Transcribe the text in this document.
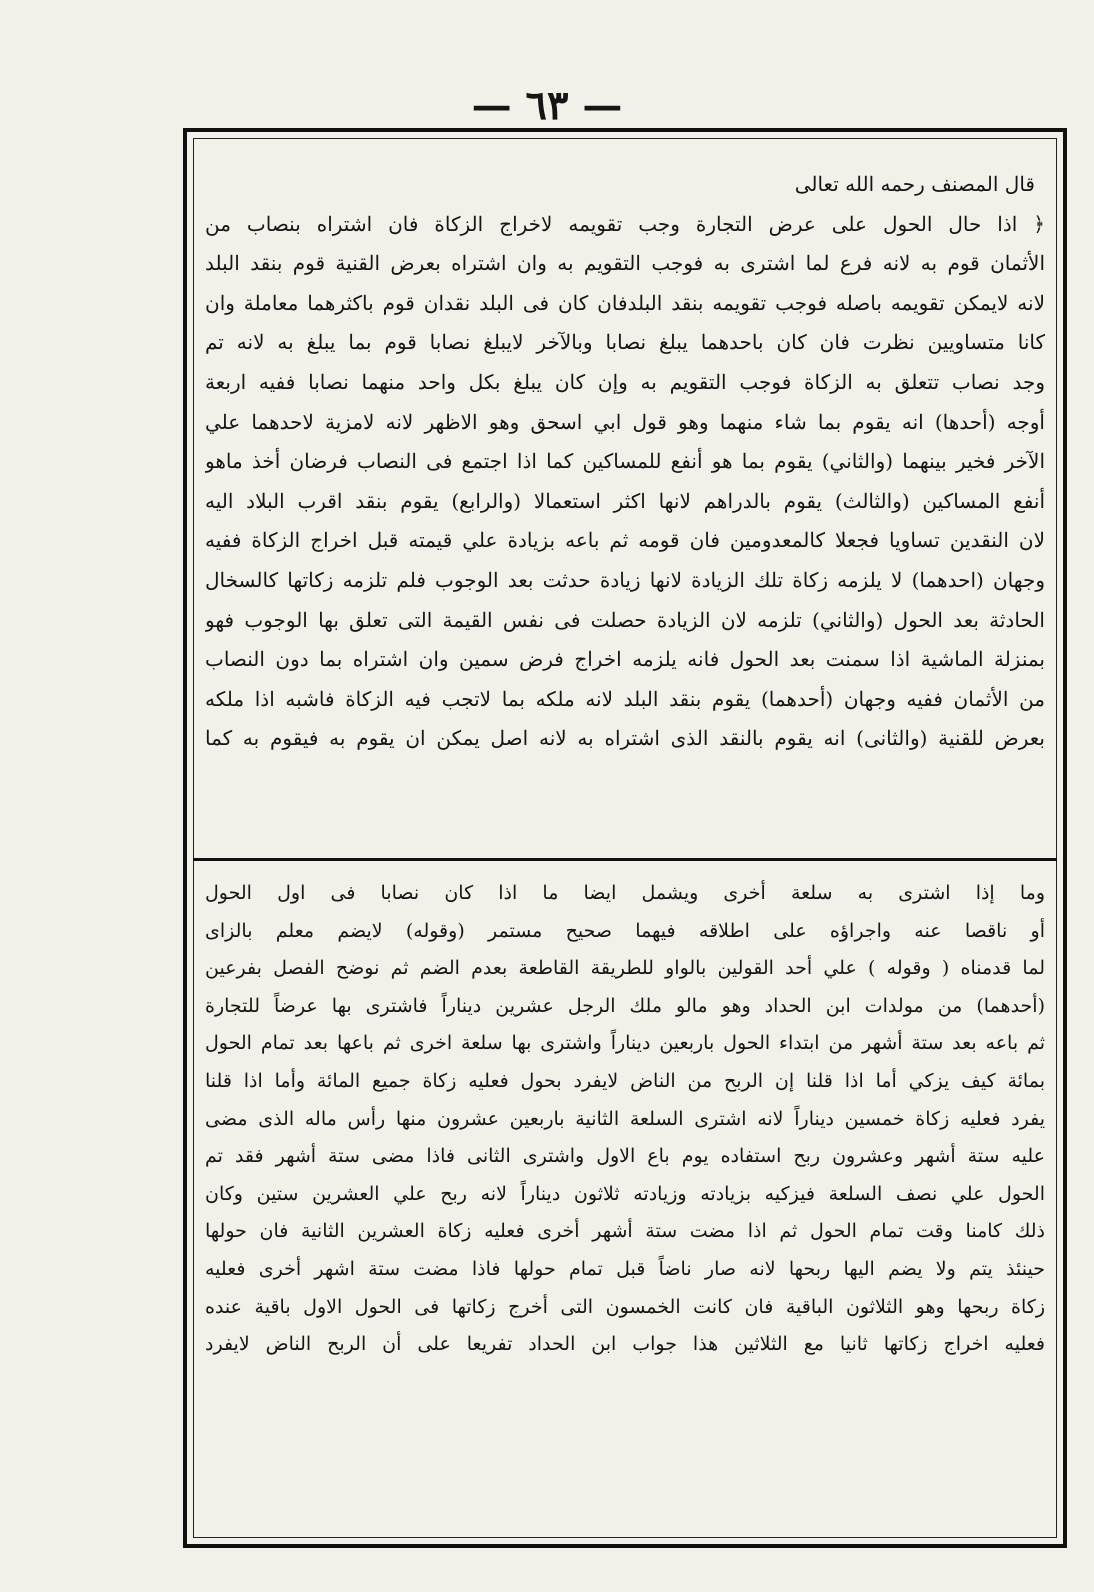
— ٦٣ —
قال المصنف رحمه الله تعالى
﴿ اذا حال الحول على عرض التجارة وجب تقويمه لاخراج الزكاة فان اشتراه بنصاب من
الأثمان قوم به لانه فرع لما اشترى به فوجب التقويم به وان اشتراه بعرض القنية قوم بنقد البلد
لانه لايمكن تقويمه باصله فوجب تقويمه بنقد البلدفان كان فى البلد نقدان قوم باكثرهما معاملة وان
كانا متساويين نظرت فان كان باحدهما يبلغ نصابا وبالآخر لايبلغ نصابا قوم بما يبلغ به لانه تم
وجد نصاب تتعلق به الزكاة فوجب التقويم به وإن كان يبلغ بكل واحد منهما نصابا ففيه اربعة
أوجه (أحدها) انه يقوم بما شاء منهما وهو قول ابي اسحق وهو الاظهر لانه لامزية لاحدهما علي
الآخر فخير بينهما (والثاني) يقوم بما هو أنفع للمساكين كما اذا اجتمع فى النصاب فرضان أخذ ماهو
أنفع المساكين (والثالث) يقوم بالدراهم لانها اكثر استعمالا (والرابع) يقوم بنقد اقرب البلاد اليه
لان النقدين تساويا فجعلا كالمعدومين فان قومه ثم باعه بزيادة علي قيمته قبل اخراج الزكاة ففيه
وجهان (احدهما) لا يلزمه زكاة تلك الزيادة لانها زيادة حدثت بعد الوجوب فلم تلزمه زكاتها كالسخال
الحادثة بعد الحول (والثاني) تلزمه لان الزيادة حصلت فى نفس القيمة التى تعلق بها الوجوب فهو
بمنزلة الماشية اذا سمنت بعد الحول فانه يلزمه اخراج فرض سمين وان اشتراه بما دون النصاب
من الأثمان ففيه وجهان (أحدهما) يقوم بنقد البلد لانه ملكه بما لاتجب فيه الزكاة فاشبه اذا ملكه
بعرض للقنية (والثانى) انه يقوم بالنقد الذى اشتراه به لانه اصل يمكن ان يقوم به فيقوم به كما
وما إذا اشترى به سلعة أخرى ويشمل ايضا ما اذا كان نصابا فى اول الحول
أو ناقصا عنه واجراؤه على اطلاقه فيهما صحيح مستمر (وقوله) لايضم معلم بالزاى
لما قدمناه ( وقوله ) علي أحد القولين بالواو للطريقة القاطعة بعدم الضم ثم نوضح الفصل بفرعين
(أحدهما) من مولدات ابن الحداد وهو مالو ملك الرجل عشرين ديناراً فاشترى بها عرضاً للتجارة
ثم باعه بعد ستة أشهر من ابتداء الحول باربعين ديناراً واشترى بها سلعة اخرى ثم باعها بعد تمام الحول
بمائة كيف يزكي أما اذا قلنا إن الربح من الناض لايفرد بحول فعليه زكاة جميع المائة وأما اذا قلنا
يفرد فعليه زكاة خمسين ديناراً لانه اشترى السلعة الثانية باربعين عشرون منها رأس ماله الذى مضى
عليه ستة أشهر وعشرون ربح استفاده يوم باع الاول واشترى الثانى فاذا مضى ستة أشهر فقد تم
الحول علي نصف السلعة فيزكيه بزيادته وزيادته ثلاثون ديناراً لانه ربح علي العشرين ستين وكان
ذلك كامنا وقت تمام الحول ثم اذا مضت ستة أشهر أخرى فعليه زكاة العشرين الثانية فان حولها
حينئذ يتم ولا يضم اليها ربحها لانه صار ناضاً قبل تمام حولها فاذا مضت ستة اشهر أخرى فعليه
زكاة ربحها وهو الثلاثون الباقية فان كانت الخمسون التى أخرج زكاتها فى الحول الاول باقية عنده
فعليه اخراج زكاتها ثانيا مع الثلاثين هذا جواب ابن الحداد تفريعا على أن الربح الناض لايفرد
